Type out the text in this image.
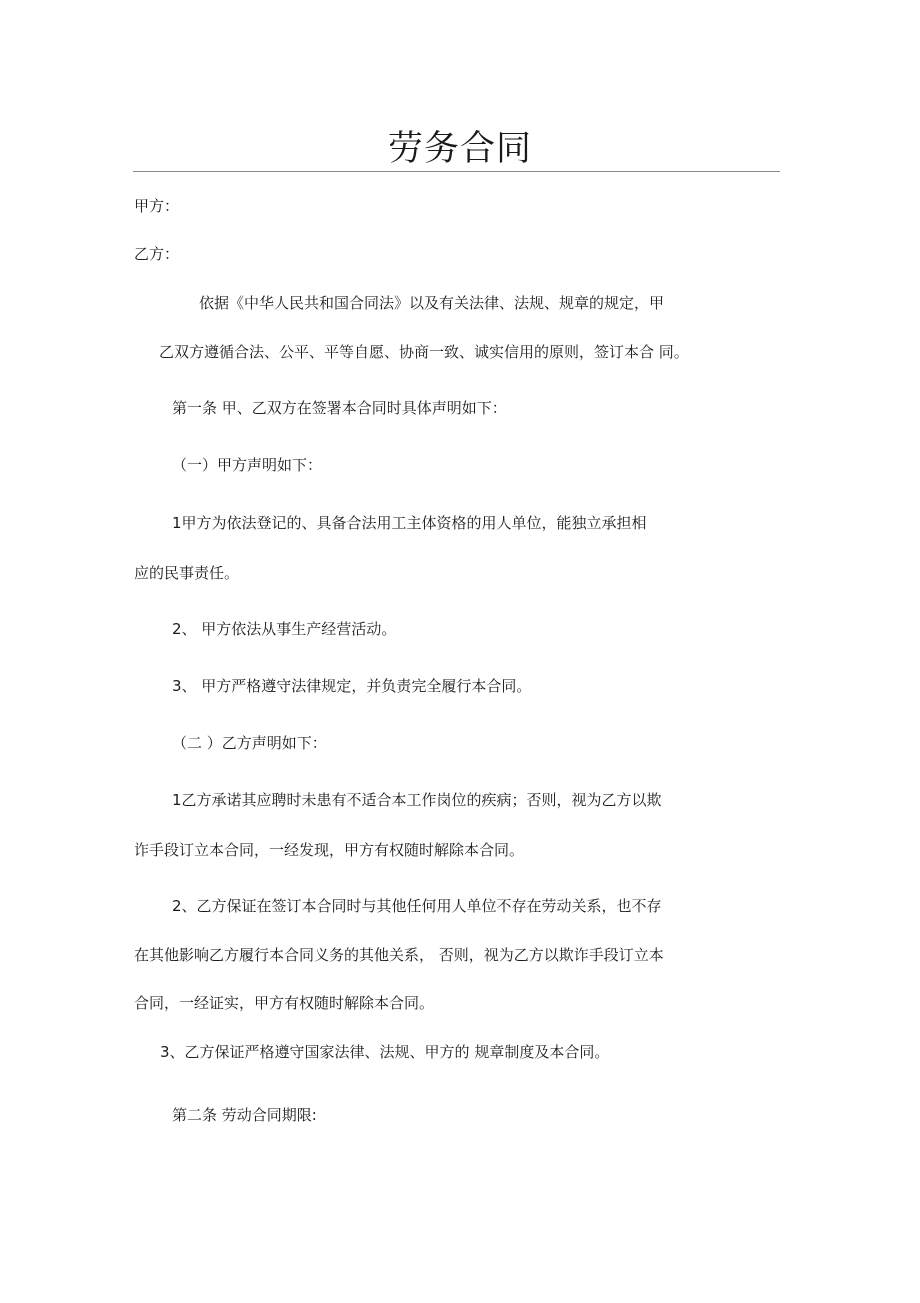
劳务合同

甲方：

乙方：

依据《中华人民共和国合同法》以及有关法律、法规、规章的规定，甲

乙双方遵循合法、公平、平等自愿、协商一致、诚实信用的原则，签订本合 同。

第一条 甲、乙双方在签署本合同时具体声明如下：

（一）甲方声明如下：

1甲方为依法登记的、具备合法用工主体资格的用人单位，能独立承担相

应的民事责任。

2、 甲方依法从事生产经营活动。

3、 甲方严格遵守法律规定，并负责完全履行本合同。

（二 ）乙方声明如下：

1乙方承诺其应聘时未患有不适合本工作岗位的疾病；否则，视为乙方以欺

诈手段订立本合同，一经发现，甲方有权随时解除本合同。

2、乙方保证在签订本合同时与其他任何用人单位不存在劳动关系，也不存

在其他影响乙方履行本合同义务的其他关系， 否则，视为乙方以欺诈手段订立本

合同，一经证实，甲方有权随时解除本合同。

3、乙方保证严格遵守国家法律、法规、甲方的 规章制度及本合同。

第二条 劳动合同期限:
